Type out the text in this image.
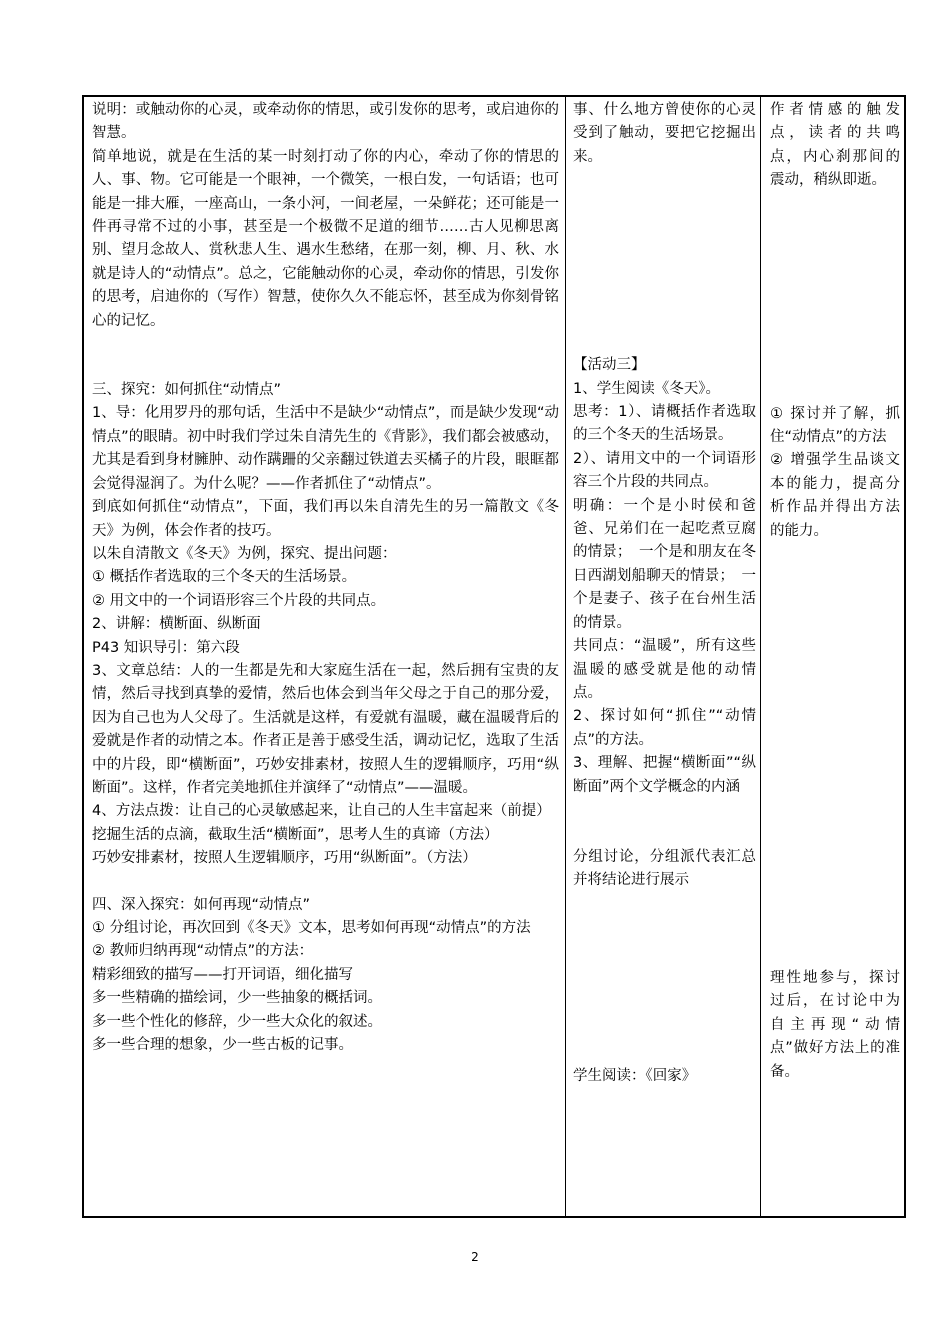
说明：或触动你的心灵，或牵动你的情思，或引发你的思考，或启迪你的智慧。

简单地说，就是在生活的某一时刻打动了你的内心，牵动了你的情思的人、事、物。它可能是一个眼神，一个微笑，一根白发，一句话语；也可能是一排大雁，一座高山，一条小河，一间老屋，一朵鲜花；还可能是一件再寻常不过的小事，甚至是一个极微不足道的细节……古人见柳思离别、望月念故人、赏秋悲人生、遇水生愁绪，在那一刻，柳、月、秋、水就是诗人的“动情点”。总之，它能触动你的心灵，牵动你的情思，引发你的思考，启迪你的（写作）智慧，使你久久不能忘怀，甚至成为你刻骨铭心的记忆。

三、探究：如何抓住“动情点”

1、导：化用罗丹的那句话，生活中不是缺少“动情点”，而是缺少发现“动情点”的眼睛。初中时我们学过朱自清先生的《背影》，我们都会被感动，尤其是看到身材臃肿、动作蹒跚的父亲翻过铁道去买橘子的片段，眼眶都会觉得湿润了。为什么呢？——作者抓住了“动情点”。

到底如何抓住“动情点”，下面，我们再以朱自清先生的另一篇散文《冬天》为例，体会作者的技巧。

以朱自清散文《冬天》为例，探究、提出问题：

① 概括作者选取的三个冬天的生活场景。

② 用文中的一个词语形容三个片段的共同点。

2、讲解：横断面、纵断面

P43 知识导引：第六段

3、文章总结：人的一生都是先和大家庭生活在一起，然后拥有宝贵的友情，然后寻找到真挚的爱情，然后也体会到当年父母之于自己的那分爱，因为自己也为人父母了。生活就是这样，有爱就有温暖，藏在温暖背后的爱就是作者的动情之本。作者正是善于感受生活，调动记忆，选取了生活中的片段，即“横断面”，巧妙安排素材，按照人生的逻辑顺序，巧用“纵断面”。这样，作者完美地抓住并演绎了“动情点”——温暖。

4、方法点拨：让自己的心灵敏感起来，让自己的人生丰富起来（前提）

挖掘生活的点滴，截取生活“横断面”，思考人生的真谛（方法）

巧妙安排素材，按照人生逻辑顺序，巧用“纵断面”。（方法）

四、深入探究：如何再现“动情点”

① 分组讨论，再次回到《冬天》文本，思考如何再现“动情点”的方法

② 教师归纳再现“动情点”的方法：

精彩细致的描写——打开词语，细化描写

多一些精确的描绘词，少一些抽象的概括词。

多一些个性化的修辞，少一些大众化的叙述。

多一些合理的想象，少一些古板的记事。

事、什么地方曾使你的心灵受到了触动，要把它挖掘出来。

【活动三】

1、学生阅读《冬天》。

思考：1）、请概括作者选取的三个冬天的生活场景。

2）、请用文中的一个词语形容三个片段的共同点。

明确：一个是小时侯和爸爸、兄弟们在一起吃煮豆腐的情景；　一个是和朋友在冬日西湖划船聊天的情景；　一个是妻子、孩子在台州生活的情景。

共同点：“温暖”，所有这些温暖的感受就是他的动情点。

2、探讨如何“抓住”“动情点”的方法。

3、理解、把握“横断面”“纵断面”两个文学概念的内涵

分组讨论，分组派代表汇总并将结论进行展示

学生阅读：《回家》

作者情感的触发点，读者的共鸣点，内心刹那间的震动，稍纵即逝。

① 探讨并了解，抓住“动情点”的方法

② 增强学生品谈文本的能力，提高分析作品并得出方法的能力。

理性地参与，探讨过后，在讨论中为自主再现“动情点”做好方法上的准备。

2
